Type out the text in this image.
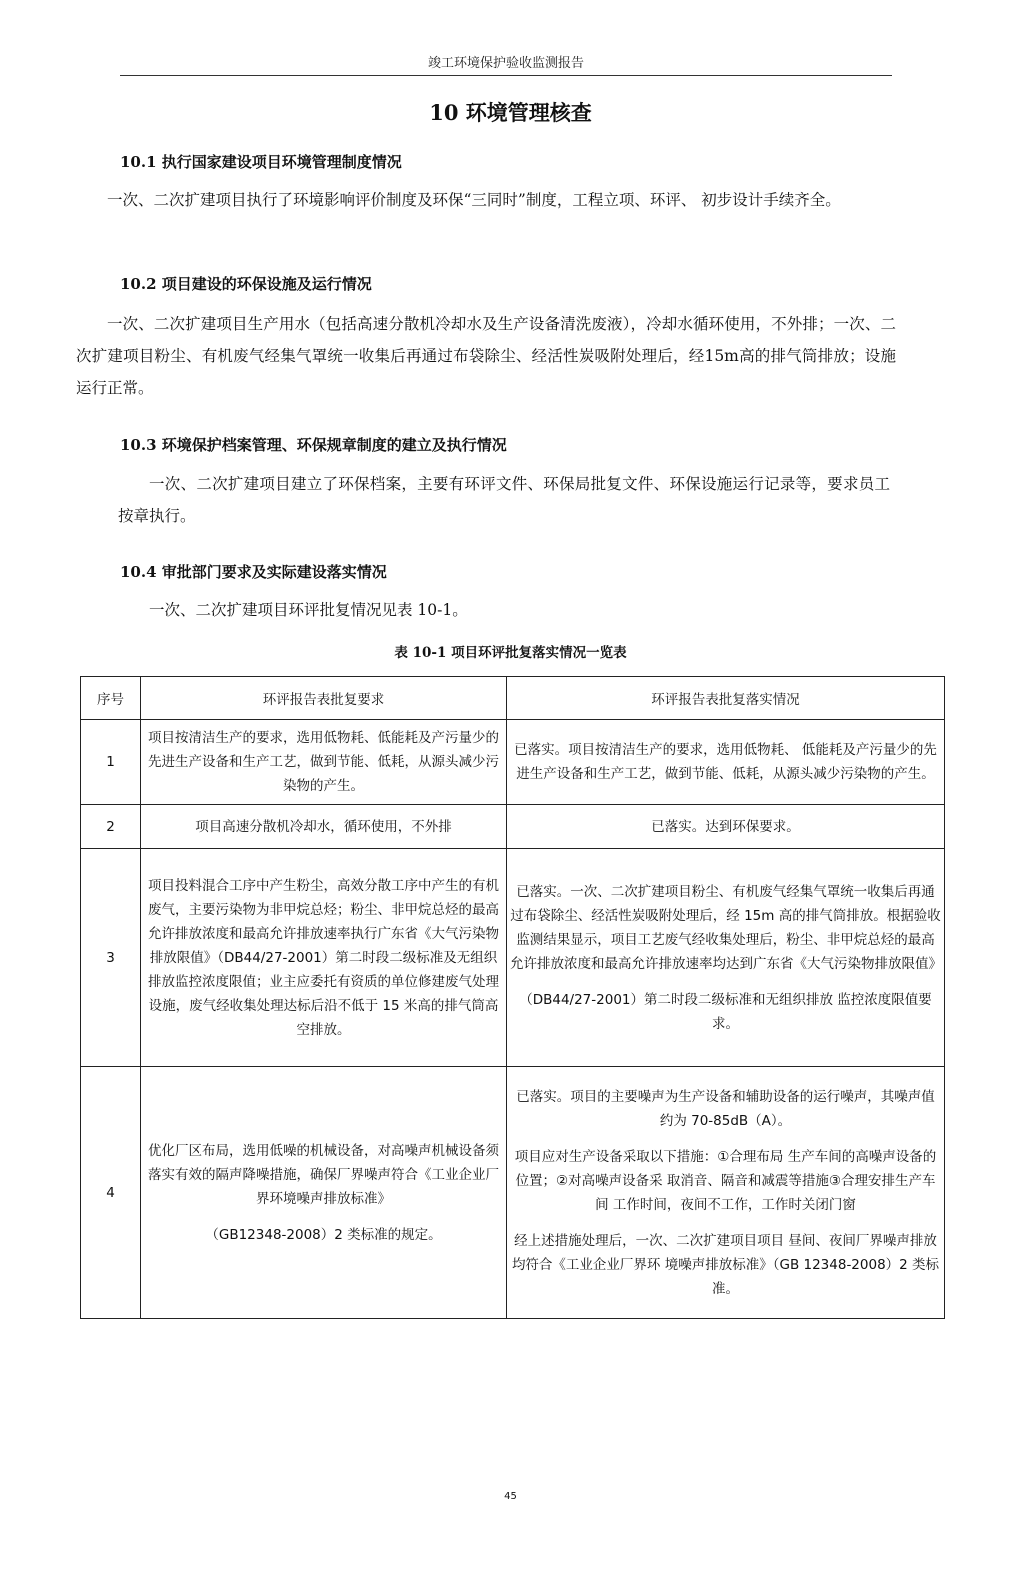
竣工环境保护验收监测报告
10 环境管理核查
10.1 执行国家建设项目环境管理制度情况
一次、二次扩建项目执行了环境影响评价制度及环保“三同时”制度，工程立项、环评、 初步设计手续齐全。
10.2 项目建设的环保设施及运行情况
一次、二次扩建项目生产用水（包括高速分散机冷却水及生产设备清洗废液），冷却水循环使用，不外排；一次、二次扩建项目粉尘、有机废气经集气罩统一收集后再通过布袋除尘、经活性炭吸附处理后，经15m高的排气筒排放；设施运行正常。
10.3 环境保护档案管理、环保规章制度的建立及执行情况
一次、二次扩建项目建立了环保档案，主要有环评文件、环保局批复文件、环保设施运行记录等，要求员工按章执行。
10.4 审批部门要求及实际建设落实情况
一次、二次扩建项目环评批复情况见表 10-1。
表 10-1 项目环评批复落实情况一览表
序号	环评报告表批复要求	环评报告表批复落实情况
1	项目按清洁生产的要求，选用低物耗、低能耗及产污量少的先进生产设备和生产工艺，做到节能、低耗，从源头减少污染物的产生。	已落实。项目按清洁生产的要求，选用低物耗、 低能耗及产污量少的先进生产设备和生产工艺，做到节能、低耗，从源头减少污染物的产生。
2	项目高速分散机冷却水，循环使用，不外排	已落实。达到环保要求。
3	项目投料混合工序中产生粉尘，高效分散工序中产生的有机废气，主要污染物为非甲烷总烃；粉尘、非甲烷总烃的最高允许排放浓度和最高允许排放速率执行广东省《大气污染物排放限值》（DB44/27-2001）第二时段二级标准及无组织排放监控浓度限值；业主应委托有资质的单位修建废气处理设施，废气经收集处理达标后沿不低于 15 米高的排气筒高空排放。	已落实。一次、二次扩建项目粉尘、有机废气经集气罩统一收集后再通过布袋除尘、经活性炭吸附处理后，经 15m 高的排气筒排放。根据验收监测结果显示，项目工艺废气经收集处理后，粉尘、非甲烷总烃的最高允许排放浓度和最高允许排放速率均达到广东省《大气污染物排放限值》
（DB44/27-2001）第二时段二级标准和无组织排放 监控浓度限值要求。
4	优化厂区布局，选用低噪的机械设备，对高噪声机械设备须落实有效的隔声降噪措施，确保厂界噪声符合《工业企业厂界环境噪声排放标准》
（GB12348-2008）2 类标准的规定。	已落实。项目的主要噪声为生产设备和辅助设备的运行噪声，其噪声值约为 70-85dB（A）。
项目应对生产设备采取以下措施：①合理布局 生产车间的高噪声设备的位置；②对高噪声设备采 取消音、隔音和减震等措施③合理安排生产车间 工作时间，夜间不工作，工作时关闭门窗
经上述措施处理后，一次、二次扩建项目项目 昼间、夜间厂界噪声排放均符合《工业企业厂界环 境噪声排放标准》（GB 12348-2008）2 类标准。
45
